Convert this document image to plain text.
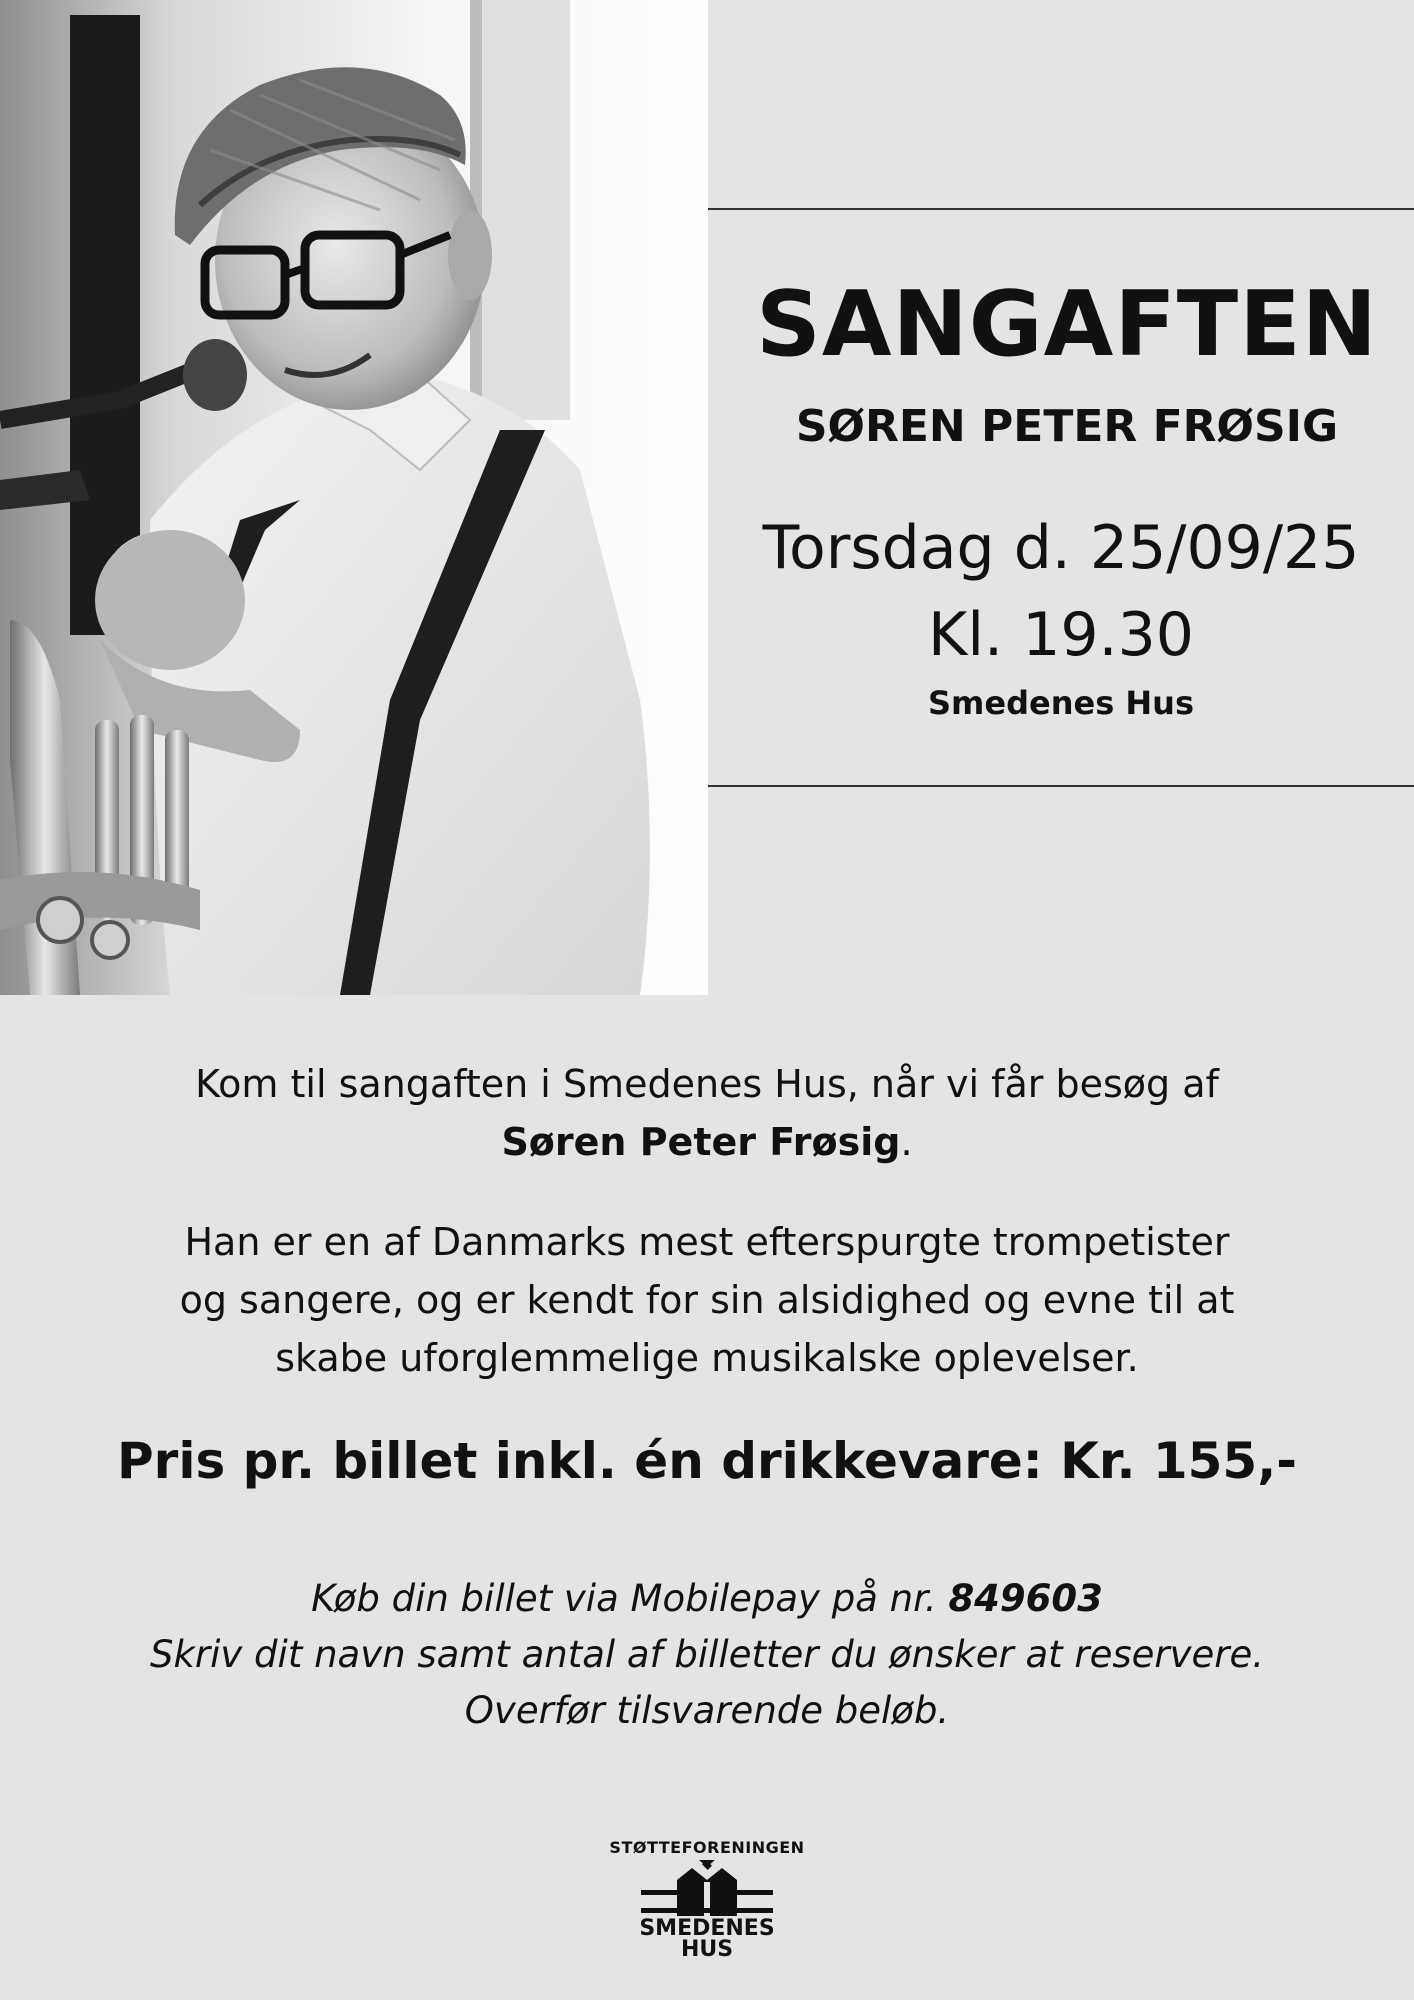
SANGAFTEN
SØREN PETER FRØSIG
Torsdag d. 25/09/25
Kl. 19.30
Smedenes Hus

Kom til sangaften i Smedenes Hus, når vi får besøg af
Søren Peter Frøsig.

Han er en af Danmarks mest efterspurgte trompetister
og sangere, og er kendt for sin alsidighed og evne til at
skabe uforglemmelige musikalske oplevelser.

Pris pr. billet inkl. én drikkevare: Kr. 155,-
Køb din billet via Mobilepay på nr. 849603
Skriv dit navn samt antal af billetter du ønsker at reservere.
Overfør tilsvarende beløb.
STØTTEFORENINGEN
SMEDENES
HUS
